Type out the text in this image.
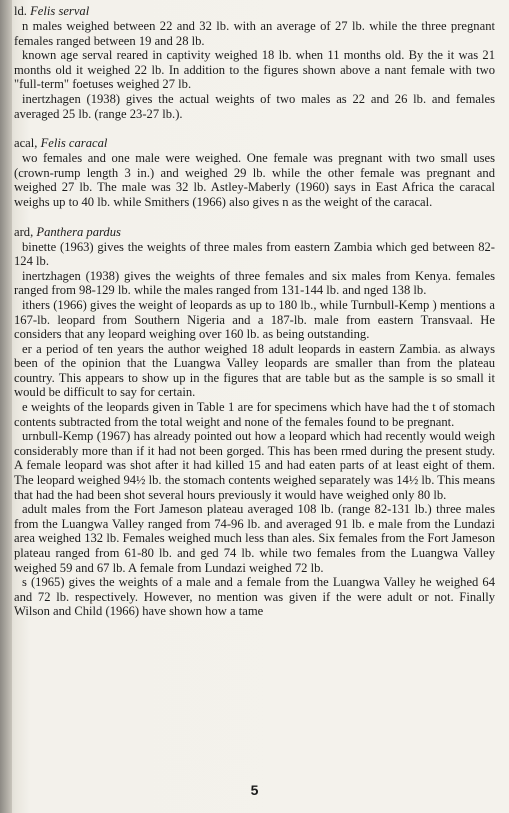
ld. Felis serval

n males weighed between 22 and 32 lb. with an average of 27 lb. while the three pregnant females ranged between 19 and 28 lb.

known age serval reared in captivity weighed 18 lb. when 11 months old. By the it was 21 months old it weighed 22 lb. In addition to the figures shown above a nant female with two "full-term" foetuses weighed 27 lb.

inertzhagen (1938) gives the actual weights of two males as 22 and 26 lb. and females averaged 25 lb. (range 23-27 lb.).

acal, Felis caracal

wo females and one male were weighed. One female was pregnant with two small uses (crown-rump length 3 in.) and weighed 29 lb. while the other female was pregnant and weighed 27 lb. The male was 32 lb. Astley-Maberly (1960) says in East Africa the caracal weighs up to 40 lb. while Smithers (1966) also gives n as the weight of the caracal.

ard, Panthera pardus

binette (1963) gives the weights of three males from eastern Zambia which ged between 82-124 lb.

inertzhagen (1938) gives the weights of three females and six males from Kenya. females ranged from 98-129 lb. while the males ranged from 131-144 lb. and nged 138 lb.

ithers (1966) gives the weight of leopards as up to 180 lb., while Turnbull-Kemp ) mentions a 167-lb. leopard from Southern Nigeria and a 187-lb. male from eastern Transvaal. He considers that any leopard weighing over 160 lb. as being outstanding.

er a period of ten years the author weighed 18 adult leopards in eastern Zambia. as always been of the opinion that the Luangwa Valley leopards are smaller than from the plateau country. This appears to show up in the figures that are table but as the sample is so small it would be difficult to say for certain.

e weights of the leopards given in Table 1 are for specimens which have had the t of stomach contents subtracted from the total weight and none of the females found to be pregnant.

urnbull-Kemp (1967) has already pointed out how a leopard which had recently would weigh considerably more than if it had not been gorged. This has been rmed during the present study. A female leopard was shot after it had killed 15 and had eaten parts of at least eight of them. The leopard weighed 94½ lb. the stomach contents weighed separately was 14½ lb. This means that had the had been shot several hours previously it would have weighed only 80 lb.

adult males from the Fort Jameson plateau averaged 108 lb. (range 82-131 lb.) three males from the Luangwa Valley ranged from 74-96 lb. and averaged 91 lb. e male from the Lundazi area weighed 132 lb. Females weighed much less than ales. Six females from the Fort Jameson plateau ranged from 61-80 lb. and ged 74 lb. while two females from the Luangwa Valley weighed 59 and 67 lb. A female from Lundazi weighed 72 lb.

s (1965) gives the weights of a male and a female from the Luangwa Valley he weighed 64 and 72 lb. respectively. However, no mention was given if the were adult or not. Finally Wilson and Child (1966) have shown how a tame

5
